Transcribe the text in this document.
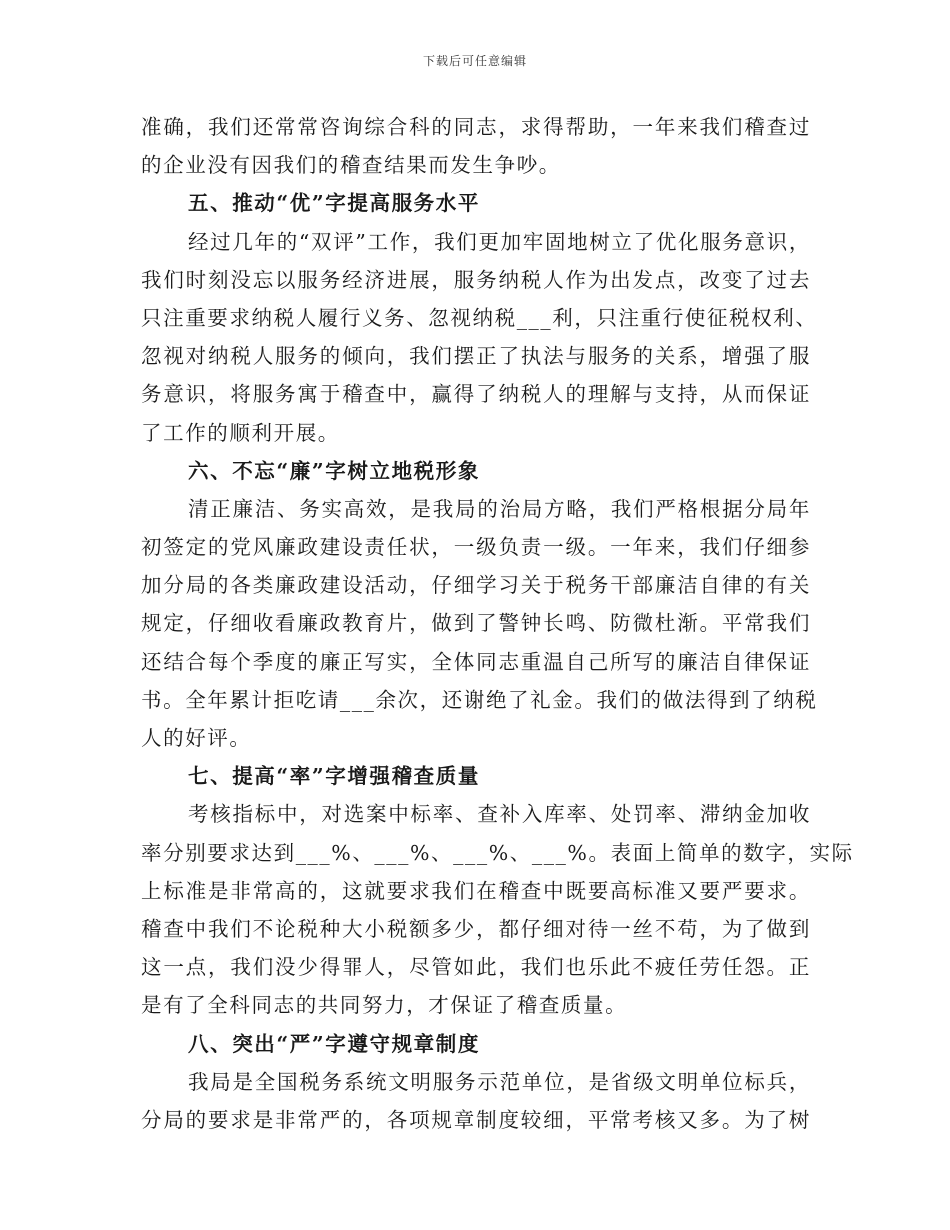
下载后可任意编辑
准确，我们还常常咨询综合科的同志，求得帮助，一年来我们稽查过
的企业没有因我们的稽查结果而发生争吵。
五、推动“优”字提高服务水平
经过几年的“双评”工作，我们更加牢固地树立了优化服务意识，
我们时刻没忘以服务经济进展，服务纳税人作为出发点，改变了过去
只注重要求纳税人履行义务、忽视纳税___利，只注重行使征税权利、
忽视对纳税人服务的倾向，我们摆正了执法与服务的关系，增强了服
务意识，将服务寓于稽查中，赢得了纳税人的理解与支持，从而保证
了工作的顺利开展。
六、不忘“廉”字树立地税形象
清正廉洁、务实高效，是我局的治局方略，我们严格根据分局年
初签定的党风廉政建设责任状，一级负责一级。一年来，我们仔细参
加分局的各类廉政建设活动，仔细学习关于税务干部廉洁自律的有关
规定，仔细收看廉政教育片，做到了警钟长鸣、防微杜渐。平常我们
还结合每个季度的廉正写实，全体同志重温自己所写的廉洁自律保证
书。全年累计拒吃请___余次，还谢绝了礼金。我们的做法得到了纳税
人的好评。
七、提高“率”字增强稽查质量
考核指标中，对选案中标率、查补入库率、处罚率、滞纳金加收
率分别要求达到___%、___%、___%、___%。表面上简单的数字，实际
上标准是非常高的，这就要求我们在稽查中既要高标准又要严要求。
稽查中我们不论税种大小税额多少，都仔细对待一丝不苟，为了做到
这一点，我们没少得罪人，尽管如此，我们也乐此不疲任劳任怨。正
是有了全科同志的共同努力，才保证了稽查质量。
八、突出“严”字遵守规章制度
我局是全国税务系统文明服务示范单位，是省级文明单位标兵，
分局的要求是非常严的，各项规章制度较细，平常考核又多。为了树
